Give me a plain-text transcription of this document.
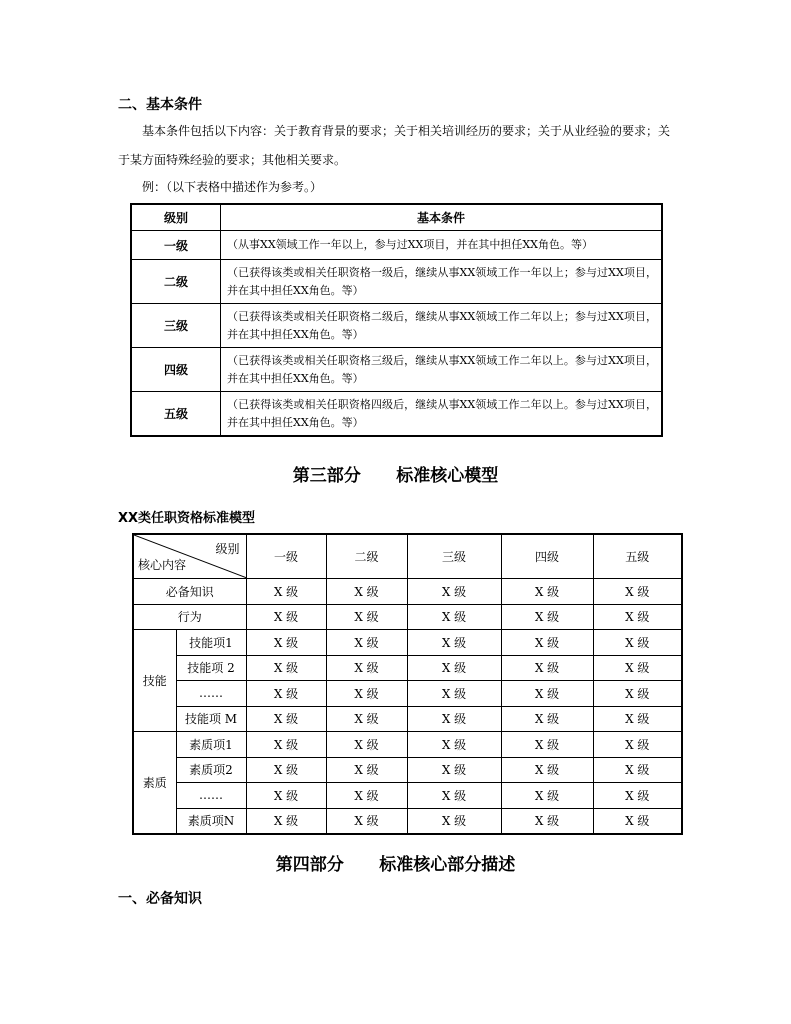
二、基本条件
基本条件包括以下内容：关于教育背景的要求；关于相关培训经历的要求；关于从业经验的要求；关于某方面特殊经验的要求；其他相关要求。
例：（以下表格中描述作为参考。）
级别	基本条件
一级	（从事XX领域工作一年以上，参与过XX项目，并在其中担任XX角色。等）
二级	（已获得该类或相关任职资格一级后，继续从事XX领域工作一年以上；参与过XX项目，并在其中担任XX角色。等）
三级	（已获得该类或相关任职资格二级后，继续从事XX领域工作二年以上；参与过XX项目，并在其中担任XX角色。等）
四级	（已获得该类或相关任职资格三级后，继续从事XX领域工作二年以上。参与过XX项目，并在其中担任XX角色。等）
五级	（已获得该类或相关任职资格四级后，继续从事XX领域工作二年以上。参与过XX项目，并在其中担任XX角色。等）
第三部分      标准核心模型
XX类任职资格标准模型
级别
核心内容		一级	二级	三级	四级	五级
必备知识		X 级	X 级	X 级	X 级	X 级
行为		X 级	X 级	X 级	X 级	X 级
技能	技能项1	X 级	X 级	X 级	X 级	X 级
	技能项 2	X 级	X 级	X 级	X 级	X 级
	……	X 级	X 级	X 级	X 级	X 级
	技能项 M	X 级	X 级	X 级	X 级	X 级
素质	素质项1	X 级	X 级	X 级	X 级	X 级
	素质项2	X 级	X 级	X 级	X 级	X 级
	……	X 级	X 级	X 级	X 级	X 级
	素质项N	X 级	X 级	X 级	X 级	X 级
第四部分      标准核心部分描述
一、必备知识
